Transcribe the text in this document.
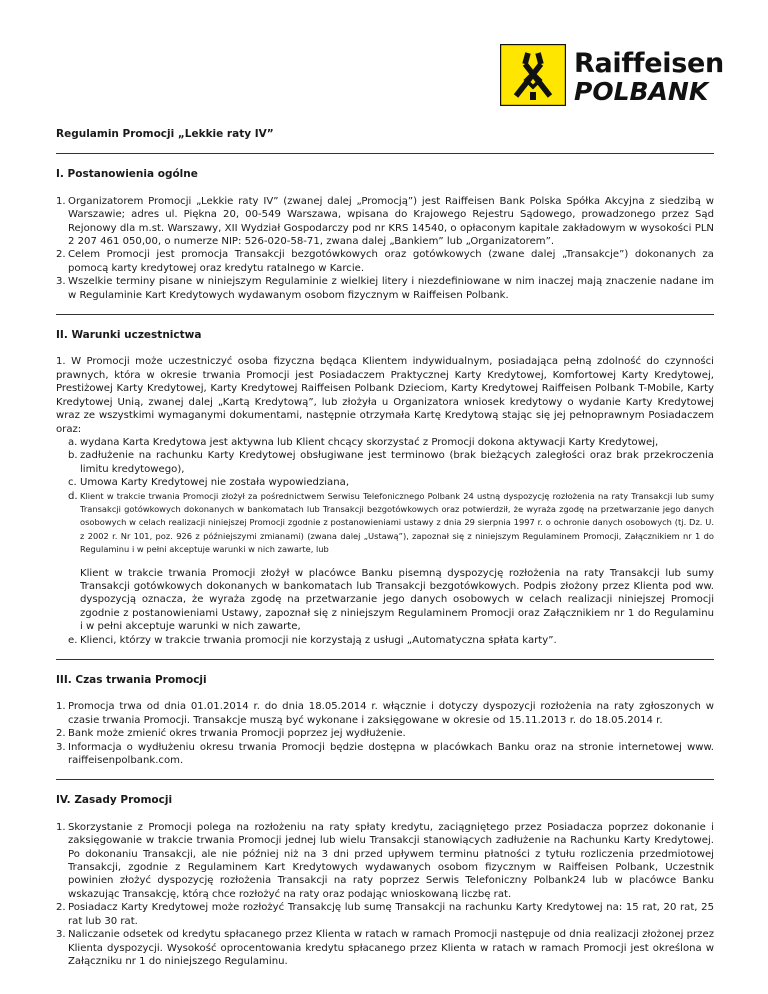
Raiffeisen
POLBANK
Regulamin Promocji „Lekkie raty IV”
I. Postanowienia ogólne
1. Organizatorem Promocji „Lekkie raty IV” (zwanej dalej „Promocją”) jest Raiffeisen Bank Polska Spółka Akcyjna z siedzibą w Warszawie; adres ul. Piękna 20, 00-549 Warszawa, wpisana do Krajowego Rejestru Sądowego, prowadzonego przez Sąd Rejonowy dla m.st. Warszawy, XII Wydział Gospodarczy pod nr KRS 14540, o opłaconym kapitale zakładowym w wysokości PLN 2 207 461 050,00, o numerze NIP: 526-020-58-71, zwana dalej „Bankiem” lub „Organizatorem”.
2. Celem Promocji jest promocja Transakcji bezgotówkowych oraz gotówkowych (zwane dalej „Transakcje”) dokonanych za pomocą karty kredytowej oraz kredytu ratalnego w Karcie.
3. Wszelkie terminy pisane w niniejszym Regulaminie z wielkiej litery i niezdefiniowane w nim inaczej mają znaczenie nadane im w Regulaminie Kart Kredytowych wydawanym osobom fizycznym w Raiffeisen Polbank.
II. Warunki uczestnictwa
1. W Promocji może uczestniczyć osoba fizyczna będąca Klientem indywidualnym, posiadająca pełną zdolność do czynności prawnych, która w okresie trwania Promocji jest Posiadaczem Praktycznej Karty Kredytowej, Komfortowej Karty Kredytowej, Prestiżowej Karty Kredytowej, Karty Kredytowej Raiffeisen Polbank Dzieciom, Karty Kredytowej Raiffeisen Polbank T-Mobile, Karty Kredytowej Unią, zwanej dalej „Kartą Kredytową”, lub złożyła u Organizatora wniosek kredytowy o wydanie Karty Kredytowej wraz ze wszystkimi wymaganymi dokumentami, następnie otrzymała Kartę Kredytową stając się jej pełnoprawnym Posiadaczem oraz:
a. wydana Karta Kredytowa jest aktywna lub Klient chcący skorzystać z Promocji dokona aktywacji Karty Kredytowej,
b. zadłużenie na rachunku Karty Kredytowej obsługiwane jest terminowo (brak bieżących zaległości oraz brak przekroczenia limitu kredytowego),
c. Umowa Karty Kredytowej nie została wypowiedziana,
d. Klient w trakcie trwania Promocji złożył za pośrednictwem Serwisu Telefonicznego Polbank 24 ustną dyspozycję rozłożenia na raty Transakcji lub sumy Transakcji gotówkowych dokonanych w bankomatach lub Transakcji bezgotówkowych oraz potwierdził, że wyraża zgodę na przetwarzanie jego danych osobowych w celach realizacji niniejszej Promocji zgodnie z postanowieniami ustawy z dnia 29 sierpnia 1997 r. o ochronie danych osobowych (tj. Dz. U. z 2002 r. Nr 101, poz. 926 z późniejszymi zmianami) (zwana dalej „Ustawą”), zapoznał się z niniejszym Regulaminem Promocji, Załącznikiem nr 1 do Regulaminu i w pełni akceptuje warunki w nich zawarte, lub
Klient w trakcie trwania Promocji złożył w placówce Banku pisemną dyspozycję rozłożenia na raty Transakcji lub sumy Transakcji gotówkowych dokonanych w bankomatach lub Transakcji bezgotówkowych. Podpis złożony przez Klienta pod ww. dyspozycją oznacza, że wyraża zgodę na przetwarzanie jego danych osobowych w celach realizacji niniejszej Promocji zgodnie z postanowieniami Ustawy, zapoznał się z niniejszym Regulaminem Promocji oraz Załącznikiem nr 1 do Regulaminu i w pełni akceptuje warunki w nich zawarte,
e. Klienci, którzy w trakcie trwania promocji nie korzystają z usługi „Automatyczna spłata karty”.
III. Czas trwania Promocji
1. Promocja trwa od dnia 01.01.2014 r. do dnia 18.05.2014 r. włącznie i dotyczy dyspozycji rozłożenia na raty zgłoszonych w czasie trwania Promocji. Transakcje muszą być wykonane i zaksięgowane w okresie od 15.11.2013 r. do 18.05.2014 r.
2. Bank może zmienić okres trwania Promocji poprzez jej wydłużenie.
3. Informacja o wydłużeniu okresu trwania Promocji będzie dostępna w placówkach Banku oraz na stronie internetowej www. raiffeisenpolbank.com.
IV. Zasady Promocji
1. Skorzystanie z Promocji polega na rozłożeniu na raty spłaty kredytu, zaciągniętego przez Posiadacza poprzez dokonanie i zaksięgowanie w trakcie trwania Promocji jednej lub wielu Transakcji stanowiących zadłużenie na Rachunku Karty Kredytowej. Po dokonaniu Transakcji, ale nie później niż na 3 dni przed upływem terminu płatności z tytułu rozliczenia przedmiotowej Transakcji, zgodnie z Regulaminem Kart Kredytowych wydawanych osobom fizycznym w Raiffeisen Polbank, Uczestnik powinien złożyć dyspozycję rozłożenia Transakcji na raty poprzez Serwis Telefoniczny Polbank24 lub w placówce Banku wskazując Transakcję, którą chce rozłożyć na raty oraz podając wnioskowaną liczbę rat.
2. Posiadacz Karty Kredytowej może rozłożyć Transakcję lub sumę Transakcji na rachunku Karty Kredytowej na: 15 rat, 20 rat, 25 rat lub 30 rat.
3. Naliczanie odsetek od kredytu spłacanego przez Klienta w ratach w ramach Promocji następuje od dnia realizacji złożonej przez Klienta dyspozycji. Wysokość oprocentowania kredytu spłacanego przez Klienta w ratach w ramach Promocji jest określona w Załączniku nr 1 do niniejszego Regulaminu.
